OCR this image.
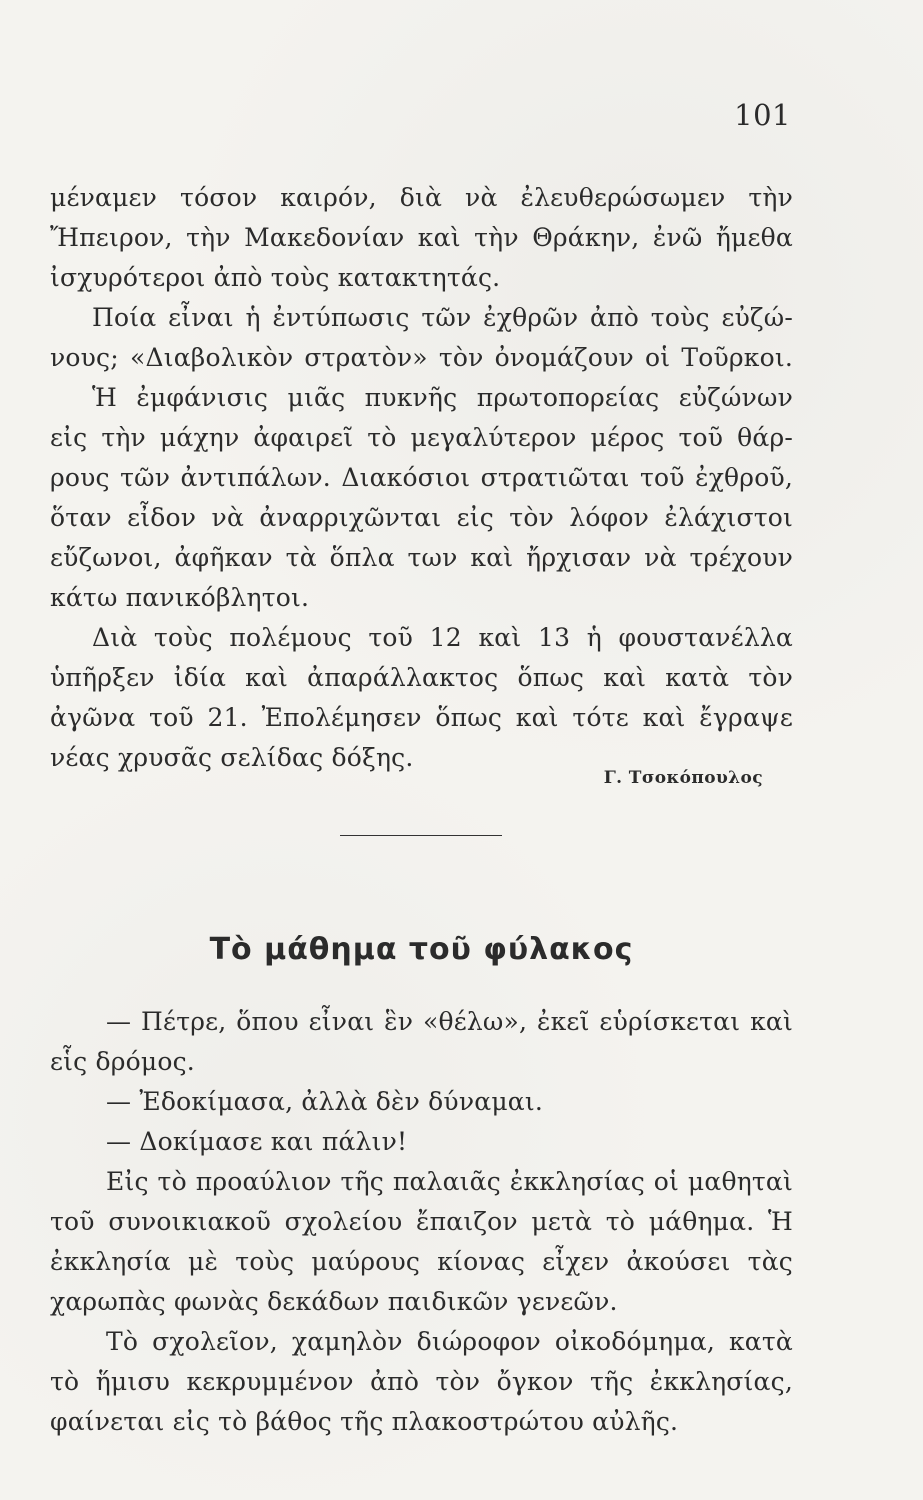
101
μέναμεν τόσον καιρόν, διὰ νὰ ἐλευθερώσωμεν τὴν
Ἤπειρον, τὴν Μακεδονίαν καὶ τὴν Θράκην, ἐνῶ ἤμεθα
ἰσχυρότεροι ἀπὸ τοὺς κατακτητάς.
Ποία εἶναι ἡ ἐντύπωσις τῶν ἐχθρῶν ἀπὸ τοὺς εὐζώ-
νους; «Διαβολικὸν στρατὸν» τὸν ὀνομάζουν οἱ Τοῦρκοι.
Ἡ ἐμφάνισις μιᾶς πυκνῆς πρωτοπορείας εὐζώνων
εἰς τὴν μάχην ἀφαιρεῖ τὸ μεγαλύτερον μέρος τοῦ θάρ-
ρους τῶν ἀντιπάλων. Διακόσιοι στρατιῶται τοῦ ἐχθροῦ,
ὅταν εἶδον νὰ ἀναρριχῶνται εἰς τὸν λόφον ἐλάχιστοι
εὔζωνοι, ἀφῆκαν τὰ ὅπλα των καὶ ἤρχισαν νὰ τρέχουν
κάτω πανικόβλητοι.
Διὰ τοὺς πολέμους τοῦ 12 καὶ 13 ἡ φουστανέλλα
ὑπῆρξεν ἰδία καὶ ἀπαράλλακτος ὅπως καὶ κατὰ τὸν
ἀγῶνα τοῦ 21. Ἐπολέμησεν ὅπως καὶ τότε καὶ ἔγραψε
νέας χρυσᾶς σελίδας δόξης.
Γ. Τσοκόπουλος
Τὸ μάθημα τοῦ φύλακος
— Πέτρε, ὅπου εἶναι ἓν «θέλω», ἐκεῖ εὑρίσκεται καὶ
εἷς δρόμος.
— Ἐδοκίμασα, ἀλλὰ δὲν δύναμαι.
— Δοκίμασε και πάλιν!
Εἰς τὸ προαύλιον τῆς παλαιᾶς ἐκκλησίας οἱ μαθηταὶ
τοῦ συνοικιακοῦ σχολείου ἔπαιζον μετὰ τὸ μάθημα. Ἡ
ἐκκλησία μὲ τοὺς μαύρους κίονας εἶχεν ἀκούσει τὰς
χαρωπὰς φωνὰς δεκάδων παιδικῶν γενεῶν.
Τὸ σχολεῖον, χαμηλὸν διώροφον οἰκοδόμημα, κατὰ
τὸ ἥμισυ κεκρυμμένον ἀπὸ τὸν ὄγκον τῆς ἐκκλησίας,
φαίνεται εἰς τὸ βάθος τῆς πλακοστρώτου αὐλῆς.
